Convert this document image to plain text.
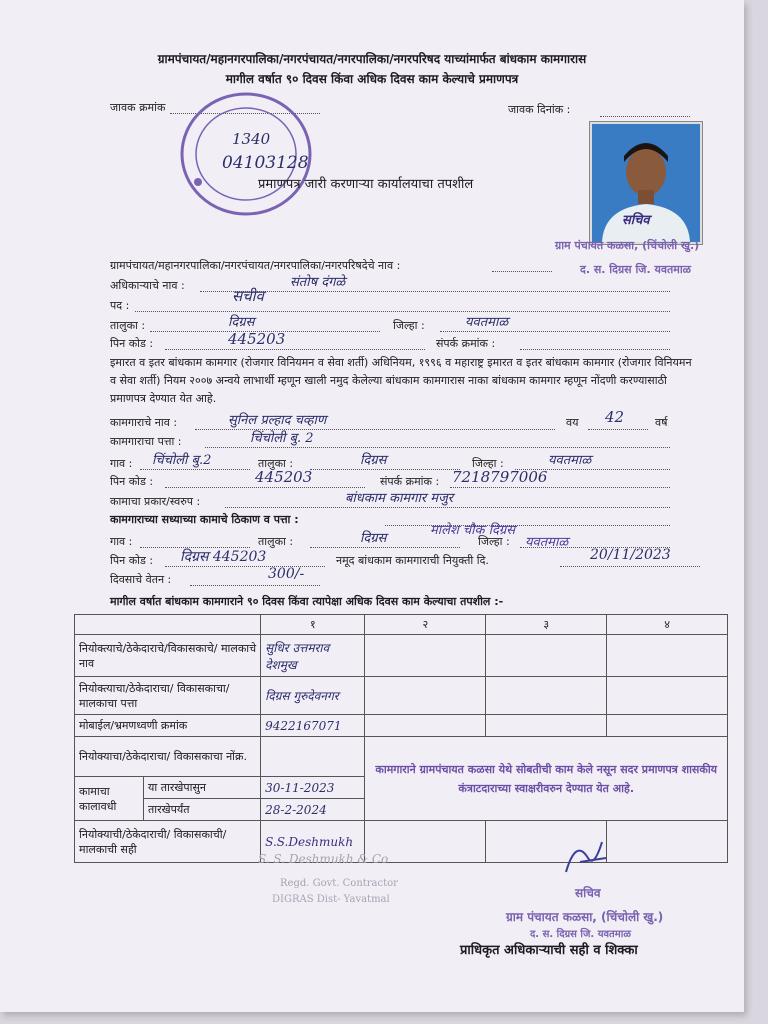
ग्रामपंचायत/महानगरपालिका/नगरपंचायत/नगरपालिका/नगरपरिषद याच्यांमार्फत बांधकाम कामगारास
मागील वर्षात ९० दिवस किंवा अधिक दिवस काम केल्याचे प्रमाणपत्र
जावक क्रमांक	जावक दिनांक :
1340
04103128
प्रमाणपत्र जारी करणाऱ्या कार्यालयाचा तपशील
सचिव
ग्राम पंचायत कळसा, (चिंचोली खु.)
द. स. दिग्रस जि. यवतमाळ
ग्रामपंचायत/महानगरपालिका/नगरपंचायत/नगरपालिका/नगरपरिषदेचे नाव :
अधिकाऱ्याचे नाव :	संतोष दंगळे
पद :
सचीव
तालुका :	दिग्रस	जिल्हा :	यवतमाळ
पिन कोड :	445203	संपर्क क्रमांक :
इमारत व इतर बांधकाम कामगार (रोजगार विनियमन व सेवा शर्ती) अधिनियम, १९९६ व महाराष्ट्र इमारत व इतर बांधकाम कामगार (रोजगार विनियमन व सेवा शर्ती) नियम २००७ अन्वये लाभार्थी म्हणून खाली नमुद केलेल्या बांधकाम कामगारास नाका बांधकाम कामगार म्हणून नोंदणी करण्यासाठी प्रमाणपत्र देण्यात येत आहे.
कामगाराचे नाव :	सुनिल प्रल्हाद चव्हाण	वय 42	वर्ष
कामगाराचा पत्ता :	चिंचोली बु. 2
गाव : चिंचोली बु.2	तालुका :	दिग्रस	जिल्हा :	यवतमाळ
पिन कोड :	445203	संपर्क क्रमांक : 7218797006
कामाचा प्रकार/स्वरुप :	बांधकाम कामगार मजुर
कामगाराच्या सध्याच्या कामाचे ठिकाण व पत्ता :
मालेश चौक दिग्रस
गाव :	तालुका :	दिग्रस	जिल्हा : यवतमाळ
पिन कोड : दिग्रस 445203	नमूद बांधकाम कामगाराची नियुक्ती दि.	20/11/2023
दिवसाचे वेतन :	300/-
मागील वर्षात बांधकाम कामगाराने ९० दिवस किंवा त्यापेक्षा अधिक दिवस काम केल्याचा तपशील :-
		१	२	३	४
नियोक्त्याचे/ठेकेदाराचे/विकासकाचे/ मालकाचे नाव		सुधिर उत्तमराव देशमुख			
नियोक्त्याचा/ठेकेदाराचा/ विकासकाचा/ मालकाचा पत्ता		दिग्रस गुरुदेवनगर			
मोबाईल/भ्रमणध्वणी क्रमांक		9422167071			
नियोक्याचा/ठेकेदाराचा/ विकासकाचा नोंक्र.			कामगाराने ग्रामपंचायत कळसा येथे सोबतीची काम केले नसून सदर प्रमाणपत्र शासकीय कंत्राटदाराच्या स्वाक्षरीवरुन देण्यात येत आहे.		
कामाचा कालावधी	या तारखेपासुन	30-11-2023			
	तारखेपर्यंत	28-2-2024			
नियोक्याची/ठेकेदाराची/ विकासकाची/मालकाची सही		S.S.Deshmukh			
S. S. Deshmukh & Co
Regd. Govt. Contractor
DIGRAS Dist- Yavatmal	सचिव
ग्राम पंचायत कळसा, (चिंचोली खु.)
द. स. दिग्रस जि. यवतमाळ
प्राधिकृत अधिकाऱ्याची सही व शिक्का
